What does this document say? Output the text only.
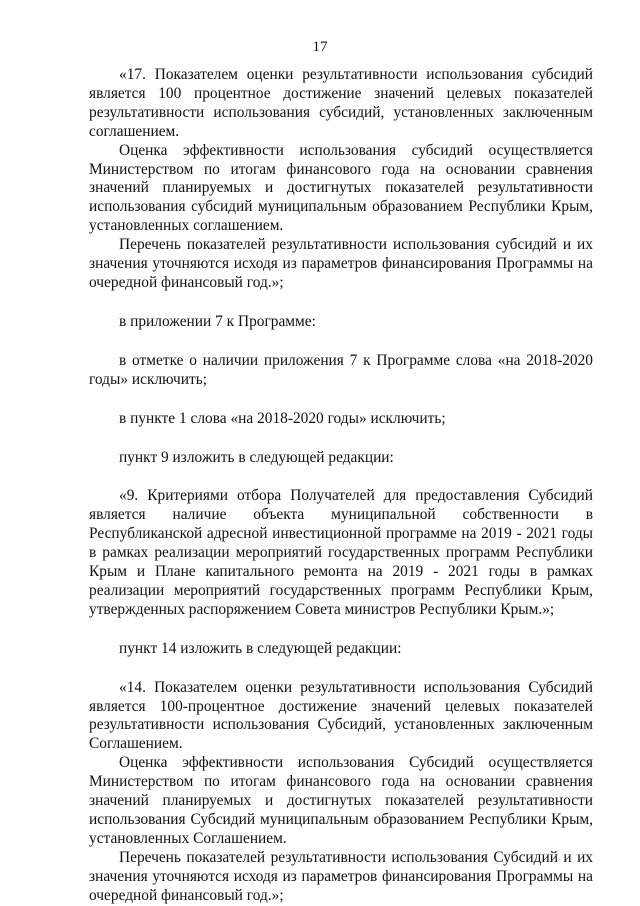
17

«17. Показателем оценки результативности использования субсидий является 100 процентное достижение значений целевых показателей результативности использования субсидий, установленных заключенным соглашением.

Оценка эффективности использования субсидий осуществляется Министерством по итогам финансового года на основании сравнения значений планируемых и достигнутых показателей результативности использования субсидий муниципальным образованием Республики Крым, установленных соглашением.

Перечень показателей результативности использования субсидий и их значения уточняются исходя из параметров финансирования Программы на очередной финансовый год.»;

в приложении 7 к Программе:

в отметке о наличии приложения 7 к Программе слова «на 2018-2020 годы» исключить;

в пункте 1 слова «на 2018-2020 годы» исключить;

пункт 9 изложить в следующей редакции:

«9. Критериями отбора Получателей для предоставления Субсидий является наличие объекта муниципальной собственности в Республиканской адресной инвестиционной программе на 2019 - 2021 годы в рамках реализации мероприятий государственных программ Республики Крым и Плане капитального ремонта на 2019 - 2021 годы в рамках реализации мероприятий государственных программ Республики Крым, утвержденных распоряжением Совета министров Республики Крым.»;

пункт 14 изложить в следующей редакции:

«14. Показателем оценки результативности использования Субсидий является 100-процентное достижение значений целевых показателей результативности использования Субсидий, установленных заключенным Соглашением.

Оценка эффективности использования Субсидий осуществляется Министерством по итогам финансового года на основании сравнения значений планируемых и достигнутых показателей результативности использования Субсидий муниципальным образованием Республики Крым, установленных Соглашением.

Перечень показателей результативности использования Субсидий и их значения уточняются исходя из параметров финансирования Программы на очередной финансовый год.»;
